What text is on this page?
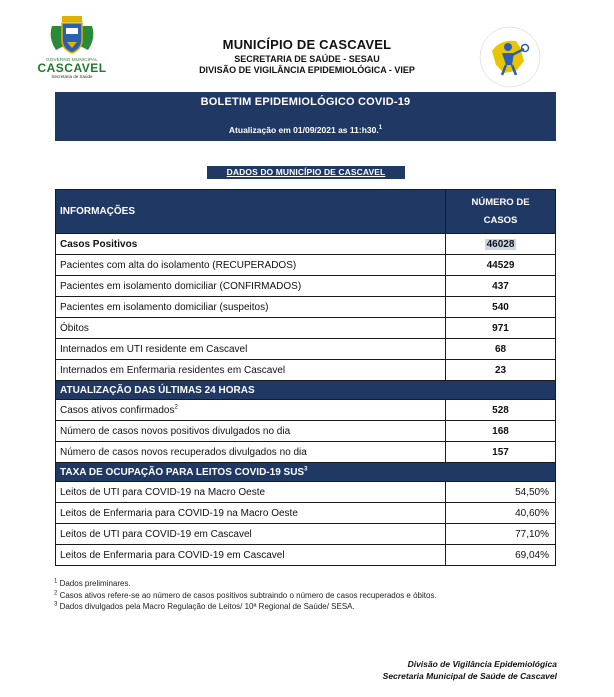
GOVERNO MUNICIPAL
CASCAVEL
Secretaria de Saúde
MUNICÍPIO DE CASCAVEL
SECRETARIA DE SAÚDE - SESAU
DIVISÃO DE VIGILÂNCIA EPIDEMIOLÓGICA - VIEP
BOLETIM EPIDEMIOLÓGICO COVID-19
Atualização em 01/09/2021 as 11:h30.$^1$
DADOS DO MUNICÍPIO DE CASCAVEL
INFORMAÇÕES	NÚMERO DE
CASOS
Casos Positivos	46028
Pacientes com alta do isolamento (RECUPERADOS)	44529
Pacientes em isolamento domiciliar (CONFIRMADOS)	437
Pacientes em isolamento domiciliar (suspeitos)	540
Óbitos	971
Internados em UTI residente em Cascavel	68
Internados em Enfermaria residentes em Cascavel	23
ATUALIZAÇÃO DAS ÚLTIMAS 24 HORAS	
Casos ativos confirmados$^2$	528
Número de casos novos positivos divulgados no dia	168
Número de casos novos recuperados divulgados no dia	157
TAXA DE OCUPAÇÃO PARA LEITOS COVID-19 SUS$^3$
Leitos de UTI para COVID-19 na Macro Oeste	54,50%
Leitos de Enfermaria para COVID-19 na Macro Oeste	40,60%
Leitos de UTI para COVID-19 em Cascavel	77,10%
Leitos de Enfermaria para COVID-19 em Cascavel	69,04%
$^1$ Dados preliminares.
$^2$ Casos ativos refere-se ao número de casos positivos subtraindo o número de casos recuperados e óbitos.
$^3$ Dados divulgados pela Macro Regulação de Leitos/ 10ª Regional de Saúde/ SESA.
Divisão de Vigilância Epidemiológica
Secretaria Municipal de Saúde de Cascavel
